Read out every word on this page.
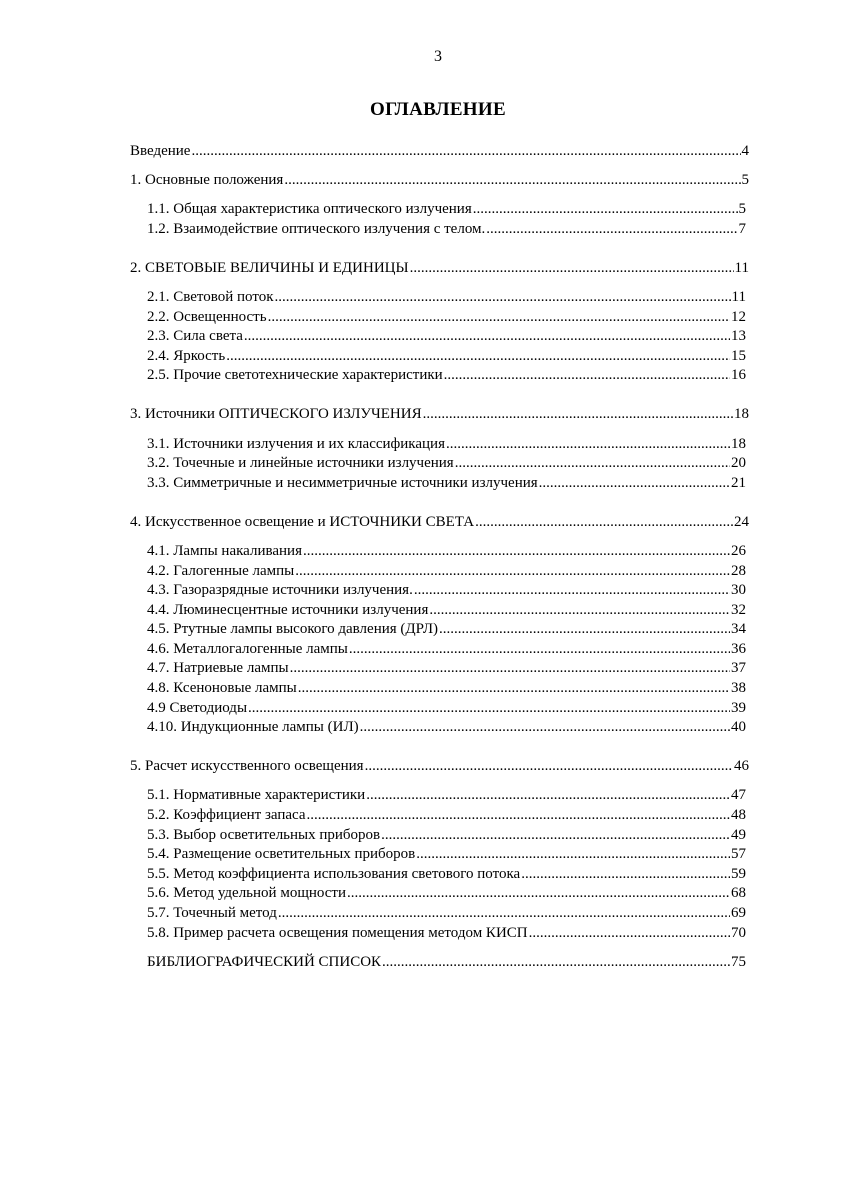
3
ОГЛАВЛЕНИЕ
Введение .....	4
1. Основные положения .....	5
1.1. Общая характеристика оптического излучения .....	5
1.2. Взаимодействие оптического излучения с телом. .....	7
2. СВЕТОВЫЕ ВЕЛИЧИНЫ И ЕДИНИЦЫ .....	11
2.1. Световой поток .....	11
2.2. Освещенность .....	12
2.3. Сила света .....	13
2.4. Яркость .....	15
2.5. Прочие светотехнические характеристики .....	16
3. Источники ОПТИЧЕСКОГО ИЗЛУЧЕНИЯ .....	18
3.1. Источники излучения и их классификация .....	18
3.2. Точечные и линейные источники излучения .....	20
3.3. Симметричные и несимметричные источники излучения .....	21
4. Искусственное освещение и ИСТОЧНИКИ СВЕТА .....	24
4.1. Лампы накаливания .....	26
4.2. Галогенные лампы .....	28
4.3. Газоразрядные источники излучения. .....	30
4.4. Люминесцентные источники излучения .....	32
4.5. Ртутные лампы высокого давления (ДРЛ) .....	34
4.6. Металлогалогенные лампы .....	36
4.7. Натриевые лампы .....	37
4.8. Ксеноновые лампы .....	38
4.9 Светодиоды .....	39
4.10. Индукционные лампы (ИЛ) .....	40
5. Расчет искусственного освещения .....	46
5.1. Нормативные характеристики .....	47
5.2. Коэффициент запаса .....	48
5.3. Выбор осветительных приборов .....	49
5.4. Размещение осветительных приборов .....	57
5.5. Метод коэффициента использования светового потока .....	59
5.6. Метод удельной мощности .....	68
5.7. Точечный метод .....	69
5.8. Пример расчета освещения помещения методом КИСП .....	70
БИБЛИОГРАФИЧЕСКИЙ СПИСОК .....	75
